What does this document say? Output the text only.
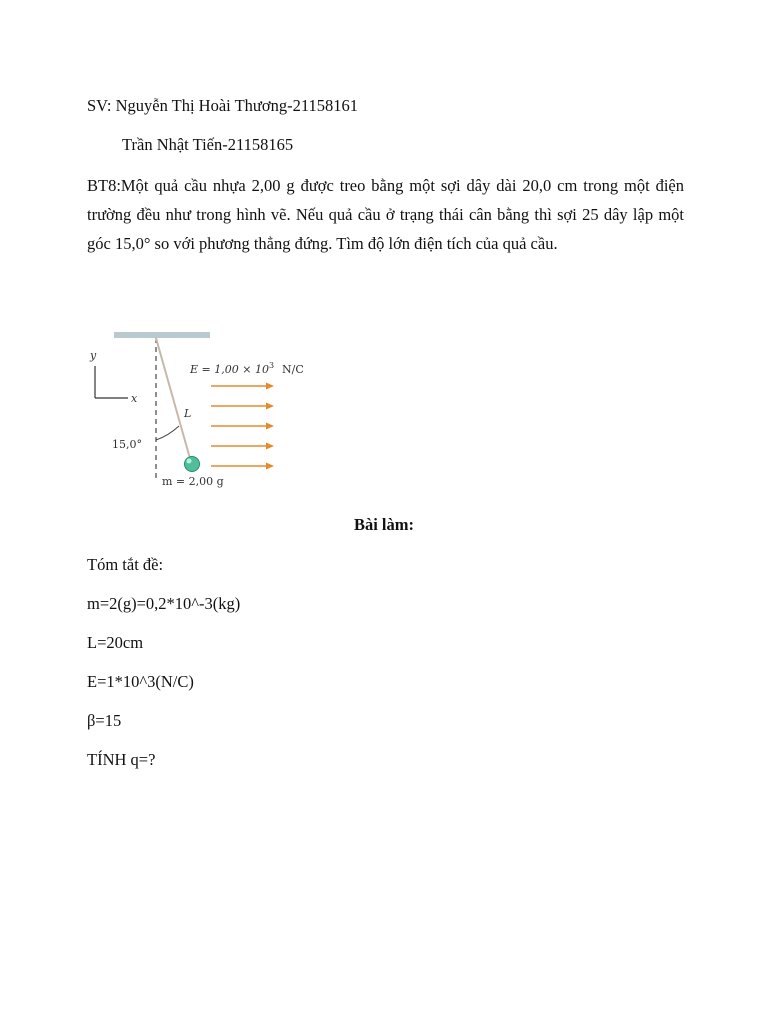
SV: Nguyễn Thị Hoài Thương-21158161
Trần Nhật Tiến-21158165

BT8:Một quả cầu nhựa 2,00 g được treo bằng một sợi dây dài 20,0 cm trong một điện trường đều như trong hình vẽ. Nếu quả cầu ở trạng thái cân bằng thì sợi 25 dây lập một góc 15,0° so với phương thẳng đứng. Tìm độ lớn điện tích của quả cầu.

y
x
$E = 1,00 \times 10^3$ N/C
L
15,0°
m = 2,00 g
Bài làm:
Tóm tắt đề:
m=2(g)=0,2*10^-3(kg)
L=20cm
E=1*10^3(N/C)
β=15
TÍNH q=?
